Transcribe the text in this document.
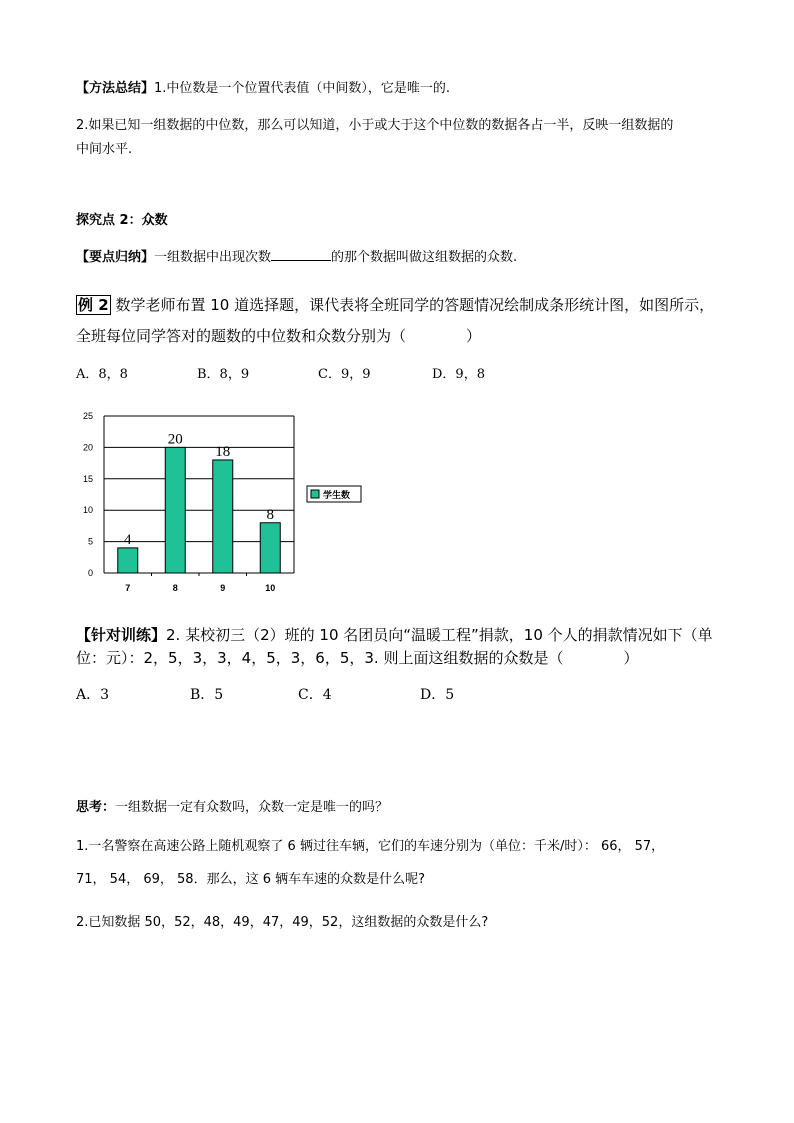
【方法总结】1.中位数是一个位置代表值（中间数），它是唯一的.
2.如果已知一组数据的中位数，那么可以知道，小于或大于这个中位数的数据各占一半，反映一组数据的
中间水平.
探究点 2：众数
【要点归纳】一组数据中出现次数	的那个数据叫做这组数据的众数.
例 2 数学老师布置 10 道选择题，课代表将全班同学的答题情况绘制成条形统计图，如图所示，
全班每位同学答对的题数的中位数和众数分别为（	）
A．8，8	B．8，9	C．9，9	D．9，8
0
5
10
15
20
25
4
7
20
8
18
9
8
10
学生数
【针对训练】2. 某校初三（2）班的 10 名团员向“温暖工程”捐款，10 个人的捐款情况如下（单
位：元）：2，5，3，3，4，5，3，6，5，3. 则上面这组数据的众数是（	）
A．3	B．5	C．4	D．5
思考：一组数据一定有众数吗，众数一定是唯一的吗？
1.一名警察在高速公路上随机观察了 6 辆过往车辆，它们的车速分别为（单位：千米/时）： 66， 57，
71， 54， 69， 58．那么，这 6 辆车车速的众数是什么呢?
2.已知数据 50，52，48，49，47，49，52，这组数据的众数是什么?
